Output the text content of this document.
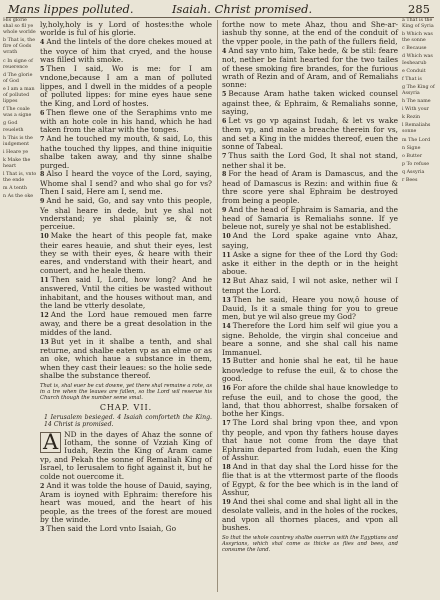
Mans lippes polluted.	Isaiah. Christ promised.	285
His glorie shal so fil ye whole worlde
b That is, the fire of Gods wrath
c In signe of reuerence
d The glorie of God
e I am a man of polluted lippes
f The coale was a signe
g God reueleth
h This is the iudgement
i Heare ye
k Make the heart
l That is, vnto the ende
m A tenth
n As the oke
a That is the King of Syria
b Which was the sonne
c Because
d Which was Ieshearub
e Conduit
f That is
g The King of Assyria
h The name
i With your
k Rezin
l Remaliahs sonne
m The Lord
n Signe
o Butter
p To refuse
q Assyria
r Bees

ly,holy,holy is y Lord of hostes:the whole worlde is ful of his glorie.

4 And the lintels of the dore chekes moued at the voyce of him that cryed, and the house was filled with smoke.

5 Then I said, Wo is me: for I am vndone,because I am a man of polluted lippes, and I dwell in the middes of a people of polluted lippes: for mine eyes haue sene the King, and Lord of hostes.

6 Then flewe one of the Seraphims vnto me with an hote cole in his hand, which he had taken from the altar with the tonges.

7 And he touched my mouth, & said, Lo, this hathe touched thy lippes, and thine iniquitie shalbe taken away, and thy sinne shalbe purged.

8 Also I heard the voyce of the Lord, saying, Whome shal I send? and who shal go for vs? Then I said, Here am I, send me.

9 And he said, Go, and say vnto this people, Ye shal heare in dede, but ye shal not vnderstand; ye shal plainly se, & not perceiue.

10 Make the heart of this people fat, make their eares heauie, and shut their eyes, lest they se with their eyes, & heare with their eares, and vnderstand with their heart, and conuert, and he heale them.

11 Then said I, Lord, how long? And he answered, Vntil the cities be wasted without inhabitant, and the houses without man, and the land be vtterly desolate,

12 And the Lord haue remoued men farre away, and there be a great desolation in the middes of the land.

13 But yet in it shalbe a tenth, and shal returne, and shalbe eaten vp as an elme or as an oke, which haue a substance in them, when they cast their leaues: so the holie sede shalbe the substance thereof.

That is, shal euer be cut downe, yet there shal remaine a rote, as in a tre when the leaues are fallen, so the Lord wil reserue his Church though the number seme smal.
CHAP. VII.
1 Ierusalem besieged. 4 Isaiah comforteth the King. 14 Christ is promised.
A ND in the dayes of Ahaz the sonne of Iotham, the sonne of Vzziah King of Iudah, Rezin the King of Aram came vp, and Pekah the sonne of Remaliah King of Israel, to Ierusalem to fight against it, but he colde not ouercome it.

2 And it was tolde the house of Dauid, saying, Aram is ioyned with Ephraim: therefore his heart was moued, and the heart of his people, as the trees of the forest are moued by the winde.

3 Then said the Lord vnto Isaiah, Go

forthe now to mete Ahaz, thou and She-ar-iashub thy sonne, at the end of the conduit of the vpper poole, in the path of the fullers field,

4 And say vnto him, Take hede, & be stil: feare not, nether be faint hearted for the two tailes of these smoking fire brandes, for the furious wrath of Rezin and of Aram, and of Remaliahs sonne:

5 Because Aram hathe taken wicked counsel against thee, & Ephraim, & Remaliahs sonne, saying,

6 Let vs go vp against Iudah, & let vs wake them vp, and make a breache therein for vs, and set a King in the middes thereof, euen the sonne of Tabeal.

7 Thus saith the Lord God, It shal not stand, nether shal it be.

8 For the head of Aram is Damascus, and the head of Damascus is Rezin: and within fiue & thre score yere shal Ephraim be destroyed from being a people.

9 And the head of Ephraim is Samaria, and the head of Samaria is Remaliahs sonne. If ye beleue not, surely ye shal not be established.

10 And the Lord spake againe vnto Ahaz, saying,

11 Aske a signe for thee of the Lord thy God: aske it either in the depth or in the height aboue.

12 But Ahaz said, I wil not aske, nether wil I tempt the Lord.

13 Then he said, Heare you now,ô house of Dauid, Is it a smale thing for you to greue men, but ye wil also greue my God?

14 Therefore the Lord him self wil giue you a signe. Beholde, the virgin shal conceiue and beare a sonne, and she shal call his name Immanuel.

15 Butter and honie shal he eat, til he haue knowledge to refuse the euil, & to chose the good.

16 For afore the childe shal haue knowledge to refuse the euil, and to chose the good, the land, that thou abhorrest, shalbe forsaken of bothe her Kings.

17 The Lord shal bring vpon thee, and vpon thy people, and vpon thy fathers house dayes that haue not come from the daye that Ephraim departed from Iudah, euen the King of Asshur.

18 And in that day shal the Lord hisse for the flie that is at the vttermost parte of the floods of Egypt, & for the bee which is in the land of Asshur,

19 And thei shal come and shal light all in the desolate valleis, and in the holes of the rockes, and vpon all thornes places, and vpon all bushes.

So that the whole countrey shalbe ouerrun with the Egyptians and Assyrians, which shal come as thicke as flies and bees, and consume the land.
